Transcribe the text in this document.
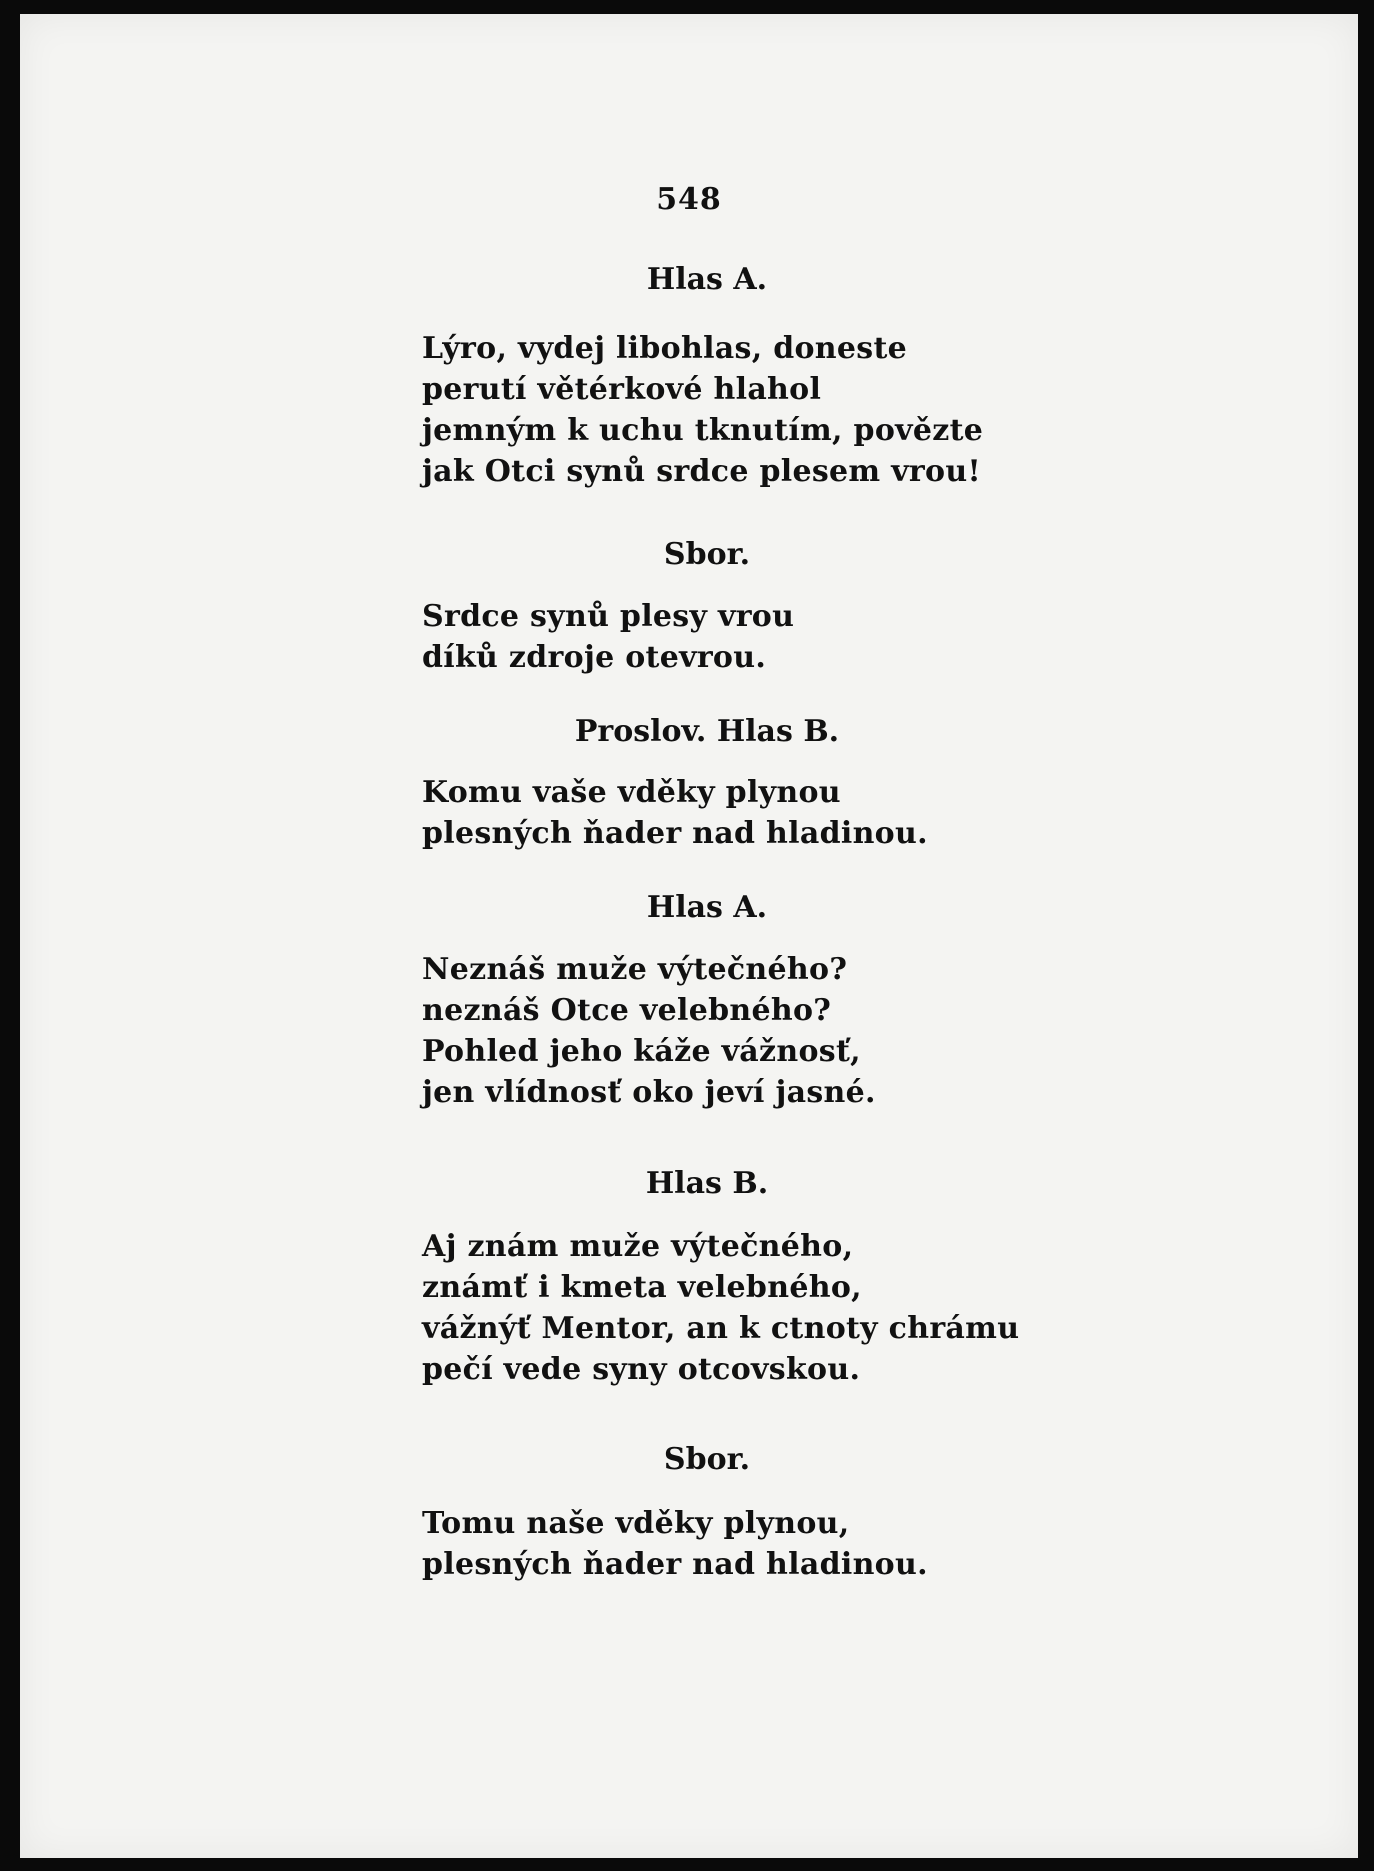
548
Hlas A.
Lýro, vydej libohlas, doneste
perutí větérkové hlahol
jemným k uchu tknutím, povězte
jak Otci synů srdce plesem vrou!
Sbor.
Srdce synů plesy vrou
díků zdroje otevrou.
Proslov. Hlas B.
Komu vaše vděky plynou
plesných ňader nad hladinou.
Hlas A.
Neznáš muže výtečného?
neznáš Otce velebného?
Pohled jeho káže vážnosť,
jen vlídnosť oko jeví jasné.
Hlas B.
Aj znám muže výtečného,
známť i kmeta velebného,
vážnýť Mentor, an k ctnoty chrámu
pečí vede syny otcovskou.
Sbor.
Tomu naše vděky plynou,
plesných ňader nad hladinou.
